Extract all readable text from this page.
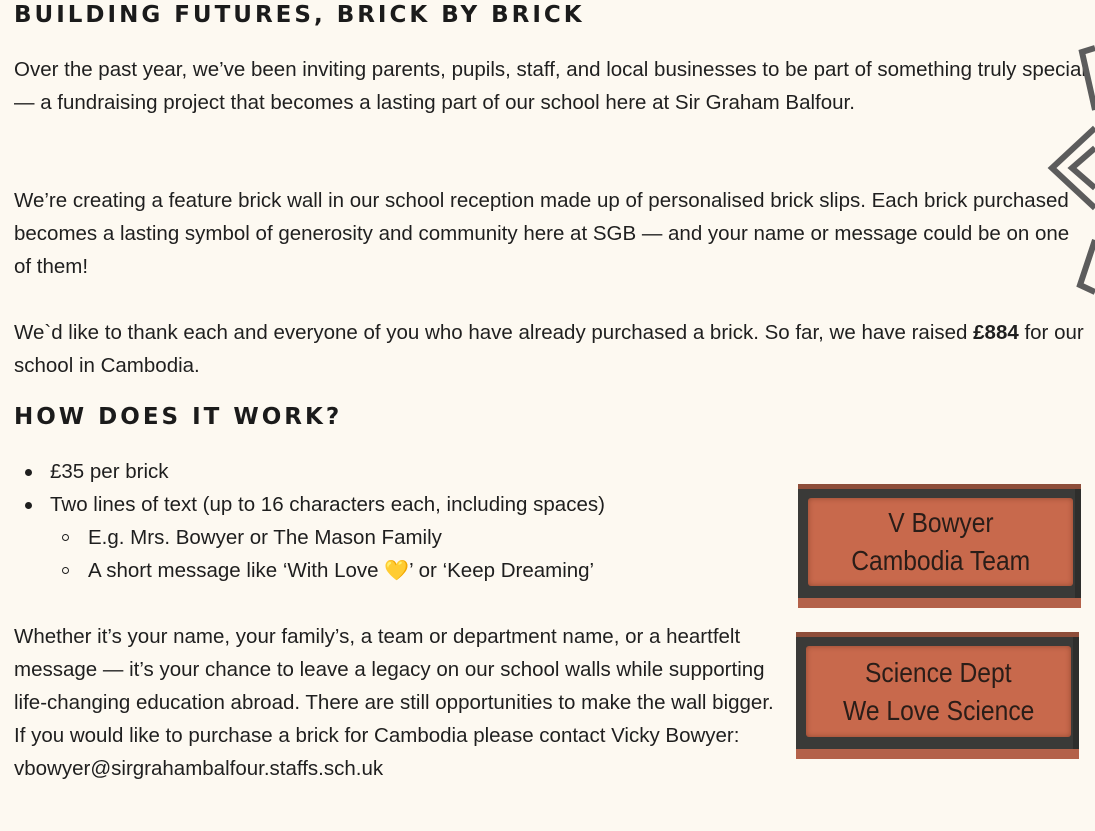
BUILDING FUTURES, BRICK BY BRICK

Over the past year, we’ve been inviting parents, pupils, staff, and local businesses to be part of something truly special — a fundraising project that becomes a lasting part of our school here at Sir Graham Balfour.

We’re creating a feature brick wall in our school reception made up of personalised brick slips. Each brick purchased becomes a lasting symbol of generosity and community here at SGB — and your name or message could be on one of them!

We`d like to thank each and everyone of you who have already purchased a brick. So far, we have raised £884 for our school in Cambodia.

HOW DOES IT WORK?
£35 per brick
Two lines of text (up to 16 characters each, including spaces)
E.g. Mrs. Bowyer or The Mason Family
A short message like ‘With Love 💛’ or ‘Keep Dreaming’

Whether it’s your name, your family’s, a team or department name, or a heartfelt message — it’s your chance to leave a legacy on our school walls while supporting life-changing education abroad. There are still opportunities to make the wall bigger. If you would like to purchase a brick for Cambodia please contact Vicky Bowyer:
vbowyer@sirgrahambalfour.staffs.sch.uk

V Bowyer
Cambodia Team
Science Dept
We Love Science
